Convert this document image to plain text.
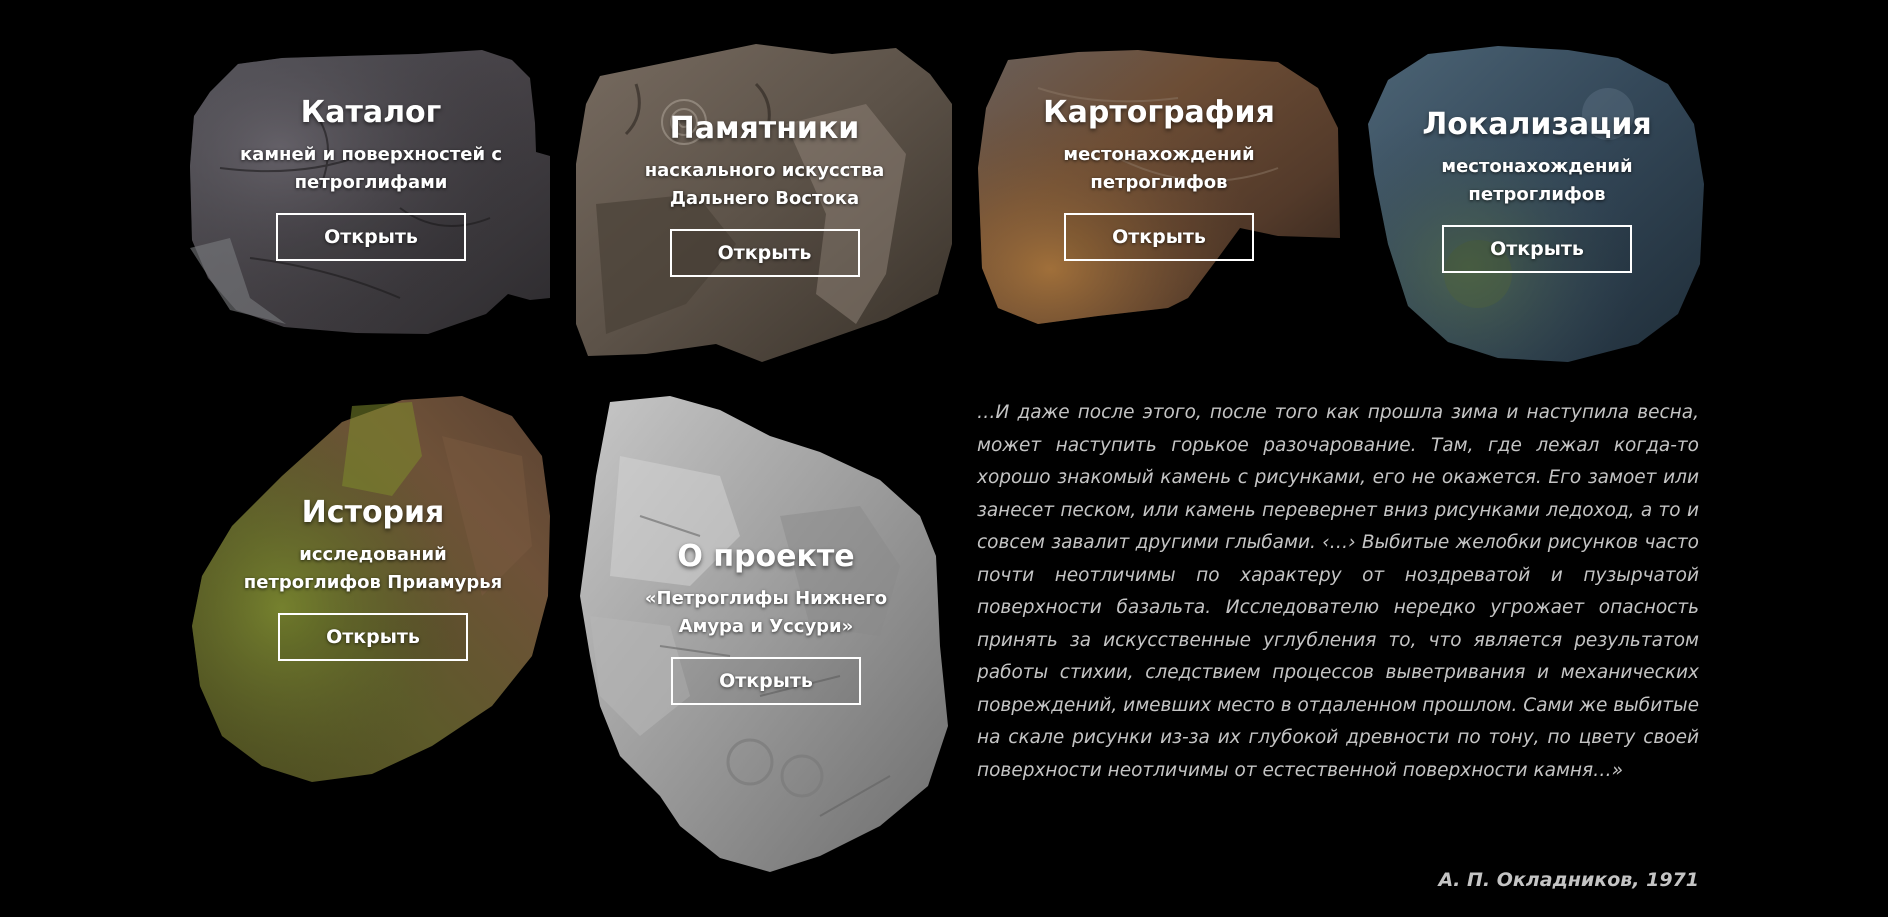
Каталог
камней и поверхностей с
петроглифами
Открыть
Памятники
наскального искусства
Дальнего Востока
Открыть
Картография
местонахождений
петроглифов
Открыть
Локализация
местонахождений
петроглифов
Открыть
История
исследований
петроглифов Приамурья
Открыть
О проекте
«Петроглифы Нижнего
Амура и Уссури»
Открыть

…И даже после этого, после того как прошла зима и наступила весна, может наступить горькое разочарование. Там, где лежал когда-то хорошо знакомый камень с рисунками, его не окажется. Его замоет или занесет песком, или камень перевернет вниз рисунками ледоход, а то и совсем завалит другими глыбами. ‹…› Выбитые желобки рисунков часто почти неотличимы по характеру от ноздреватой и пузырчатой поверхности базальта. Исследователю нередко угрожает опасность принять за искусственные углубления то, что является результатом работы стихии, следствием процессов выветривания и механических повреждений, имевших место в отдаленном прошлом. Сами же выбитые на скале рисунки из-за их глубокой древности по тону, по цвету своей поверхности неотличимы от естественной поверхности камня…»

А. П. Окладников, 1971
